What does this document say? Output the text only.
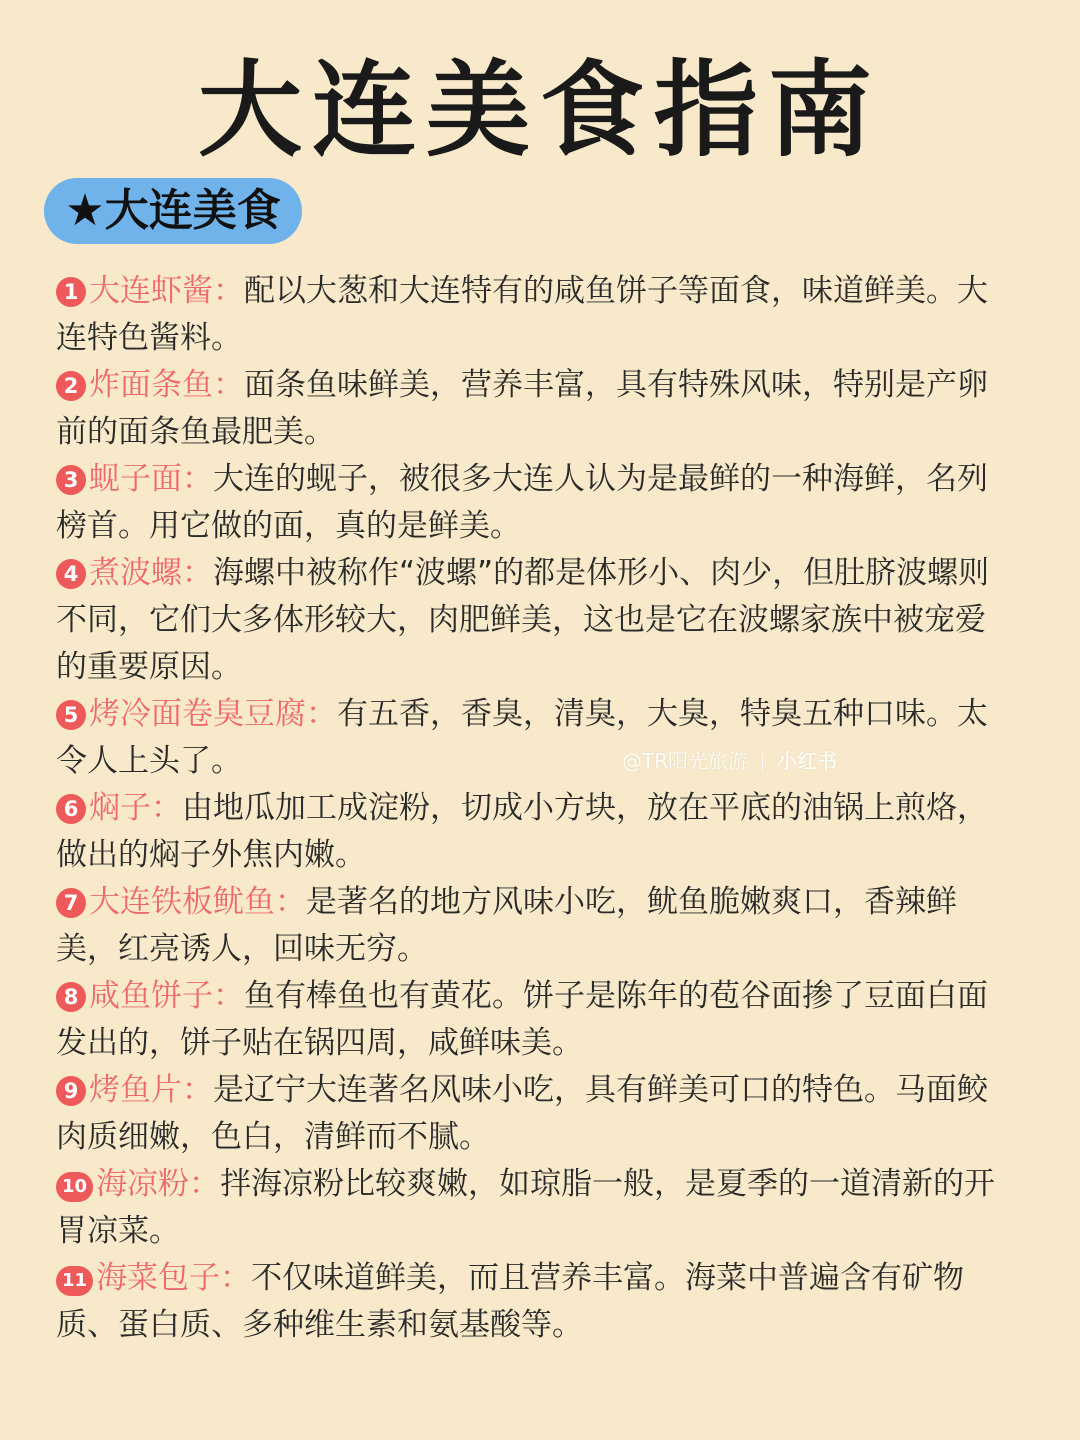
大连美食指南
★大连美食

1 大连虾酱：配以大葱和大连特有的咸鱼饼子等面食，味道鲜美。大连特色酱料。

2 炸面条鱼：面条鱼味鲜美，营养丰富，具有特殊风味，特别是产卵前的面条鱼最肥美。

3 蚬子面：大连的蚬子，被很多大连人认为是最鲜的一种海鲜，名列榜首。用它做的面，真的是鲜美。

4 煮波螺：海螺中被称作“波螺”的都是体形小、肉少，但肚脐波螺则不同，它们大多体形较大，肉肥鲜美，这也是它在波螺家族中被宠爱的重要原因。

5 烤冷面卷臭豆腐：有五香，香臭，清臭，大臭，特臭五种口味。太令人上头了。

6 焖子：由地瓜加工成淀粉，切成小方块，放在平底的油锅上煎烙，做出的焖子外焦内嫩。

7 大连铁板鱿鱼：是著名的地方风味小吃，鱿鱼脆嫩爽口，香辣鲜美，红亮诱人，回味无穷。

8 咸鱼饼子：鱼有棒鱼也有黄花。饼子是陈年的苞谷面掺了豆面白面发出的，饼子贴在锅四周，咸鲜味美。

9 烤鱼片：是辽宁大连著名风味小吃，具有鲜美可口的特色。马面鲛肉质细嫩，色白，清鲜而不腻。

10 海凉粉：拌海凉粉比较爽嫩，如琼脂一般，是夏季的一道清新的开胃凉菜。

11 海菜包子：不仅味道鲜美，而且营养丰富。海菜中普遍含有矿物质、蛋白质、多种维生素和氨基酸等。

@TR阳光旅游 小红书
